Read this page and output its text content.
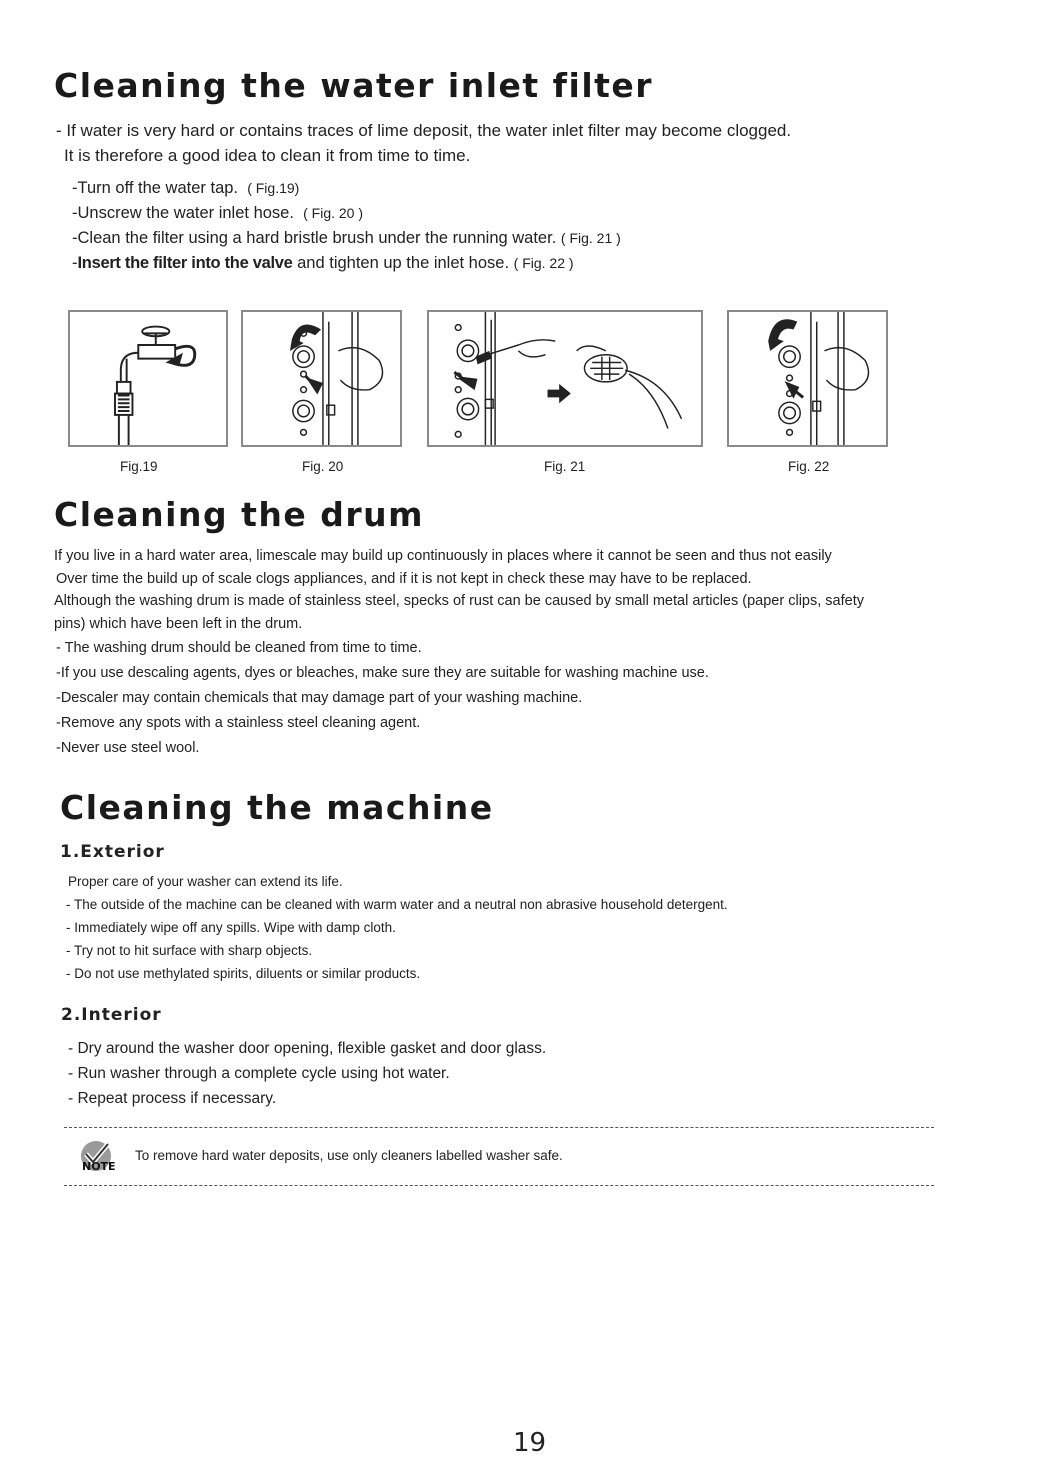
Cleaning the water inlet filter
- If water is very hard or contains traces of lime deposit, the water inlet filter may become clogged.
It is therefore a good idea to clean it from time to time.
-Turn off the water tap. ( Fig.19)
-Unscrew the water inlet hose. ( Fig. 20 )
-Clean the filter using a hard bristle brush under the running water. ( Fig. 21 )
-Insert the filter into the valve and tighten up the inlet hose. ( Fig. 22 )
Fig.19	Fig. 20	Fig. 21	Fig. 22
Cleaning the drum
If you live in a hard water area, limescale may build up continuously in places where it cannot be seen and thus not easily
Over time the build up of scale clogs appliances, and if it is not kept in check these may have to be replaced.
Although the washing drum is made of stainless steel, specks of rust can be caused by small metal articles (paper clips, safety
pins) which have been left in the drum.
- The washing drum should be cleaned from time to time.
-If you use descaling agents, dyes or bleaches, make sure they are suitable for washing machine use.
-Descaler may contain chemicals that may damage part of your washing machine.
-Remove any spots with a stainless steel cleaning agent.
-Never use steel wool.
Cleaning the machine
1.Exterior
Proper care of your washer can extend its life.
- The outside of the machine can be cleaned with warm water and a neutral non abrasive household detergent.
- Immediately wipe off any spills. Wipe with damp cloth.
- Try not to hit surface with sharp objects.
- Do not use methylated spirits, diluents or similar products.
2.Interior
- Dry around the washer door opening, flexible gasket and door glass.
- Run washer through a complete cycle using hot water.
- Repeat process if necessary.
NOTE
To remove hard water deposits, use only cleaners labelled washer safe.
19
